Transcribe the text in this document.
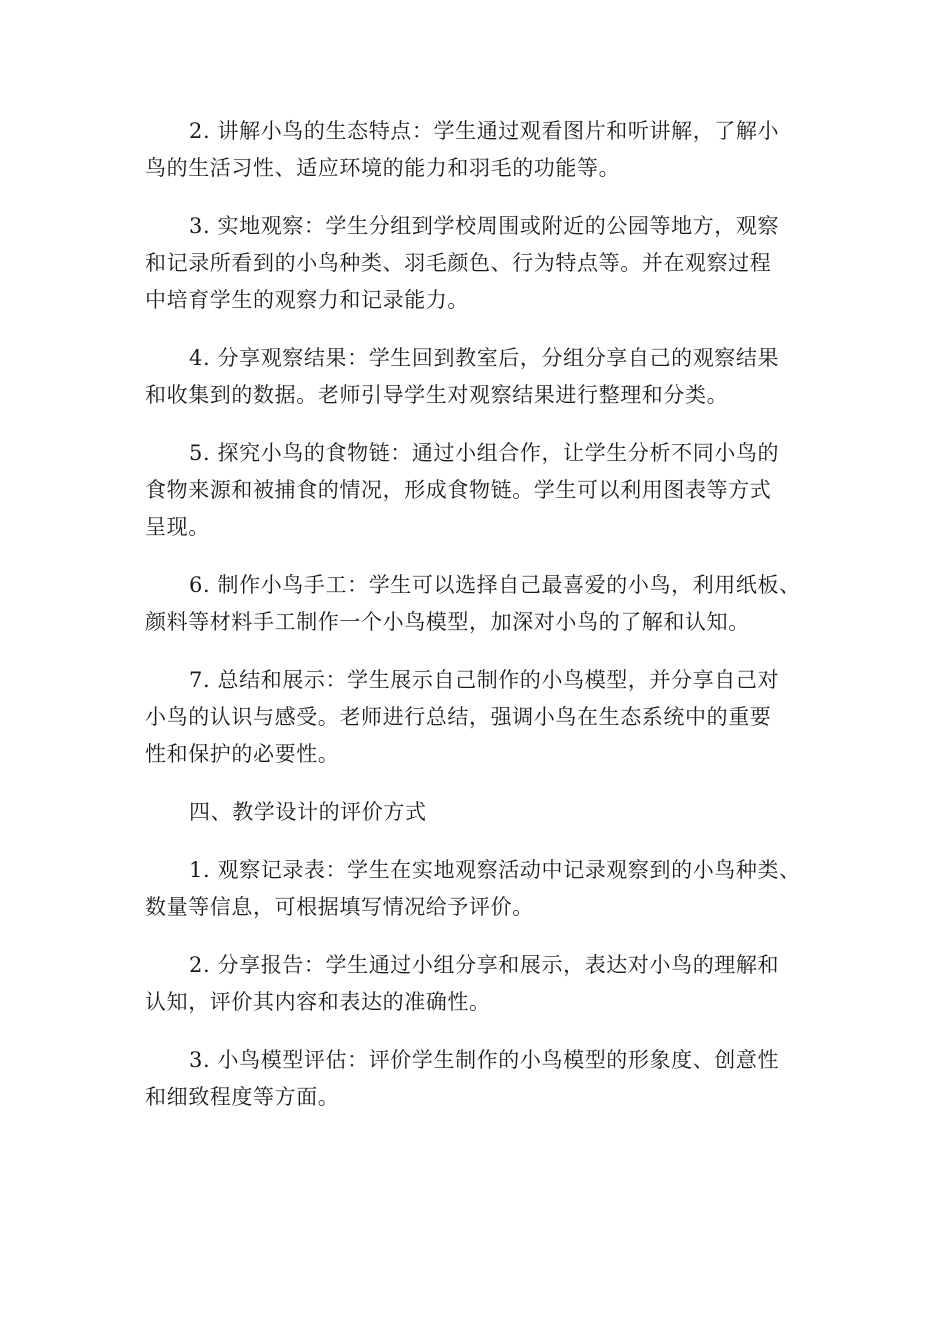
2. 讲解小鸟的生态特点：学生通过观看图片和听讲解，了解小
鸟的生活习性、适应环境的能力和羽毛的功能等。
3. 实地观察：学生分组到学校周围或附近的公园等地方，观察
和记录所看到的小鸟种类、羽毛颜色、行为特点等。并在观察过程
中培育学生的观察力和记录能力。
4. 分享观察结果：学生回到教室后，分组分享自己的观察结果
和收集到的数据。老师引导学生对观察结果进行整理和分类。
5. 探究小鸟的食物链：通过小组合作，让学生分析不同小鸟的
食物来源和被捕食的情况，形成食物链。学生可以利用图表等方式
呈现。
6. 制作小鸟手工：学生可以选择自己最喜爱的小鸟，利用纸板、
颜料等材料手工制作一个小鸟模型，加深对小鸟的了解和认知。
7. 总结和展示：学生展示自己制作的小鸟模型，并分享自己对
小鸟的认识与感受。老师进行总结，强调小鸟在生态系统中的重要
性和保护的必要性。
四、教学设计的评价方式
1. 观察记录表：学生在实地观察活动中记录观察到的小鸟种类、
数量等信息，可根据填写情况给予评价。
2. 分享报告：学生通过小组分享和展示，表达对小鸟的理解和
认知，评价其内容和表达的准确性。
3. 小鸟模型评估：评价学生制作的小鸟模型的形象度、创意性
和细致程度等方面。
